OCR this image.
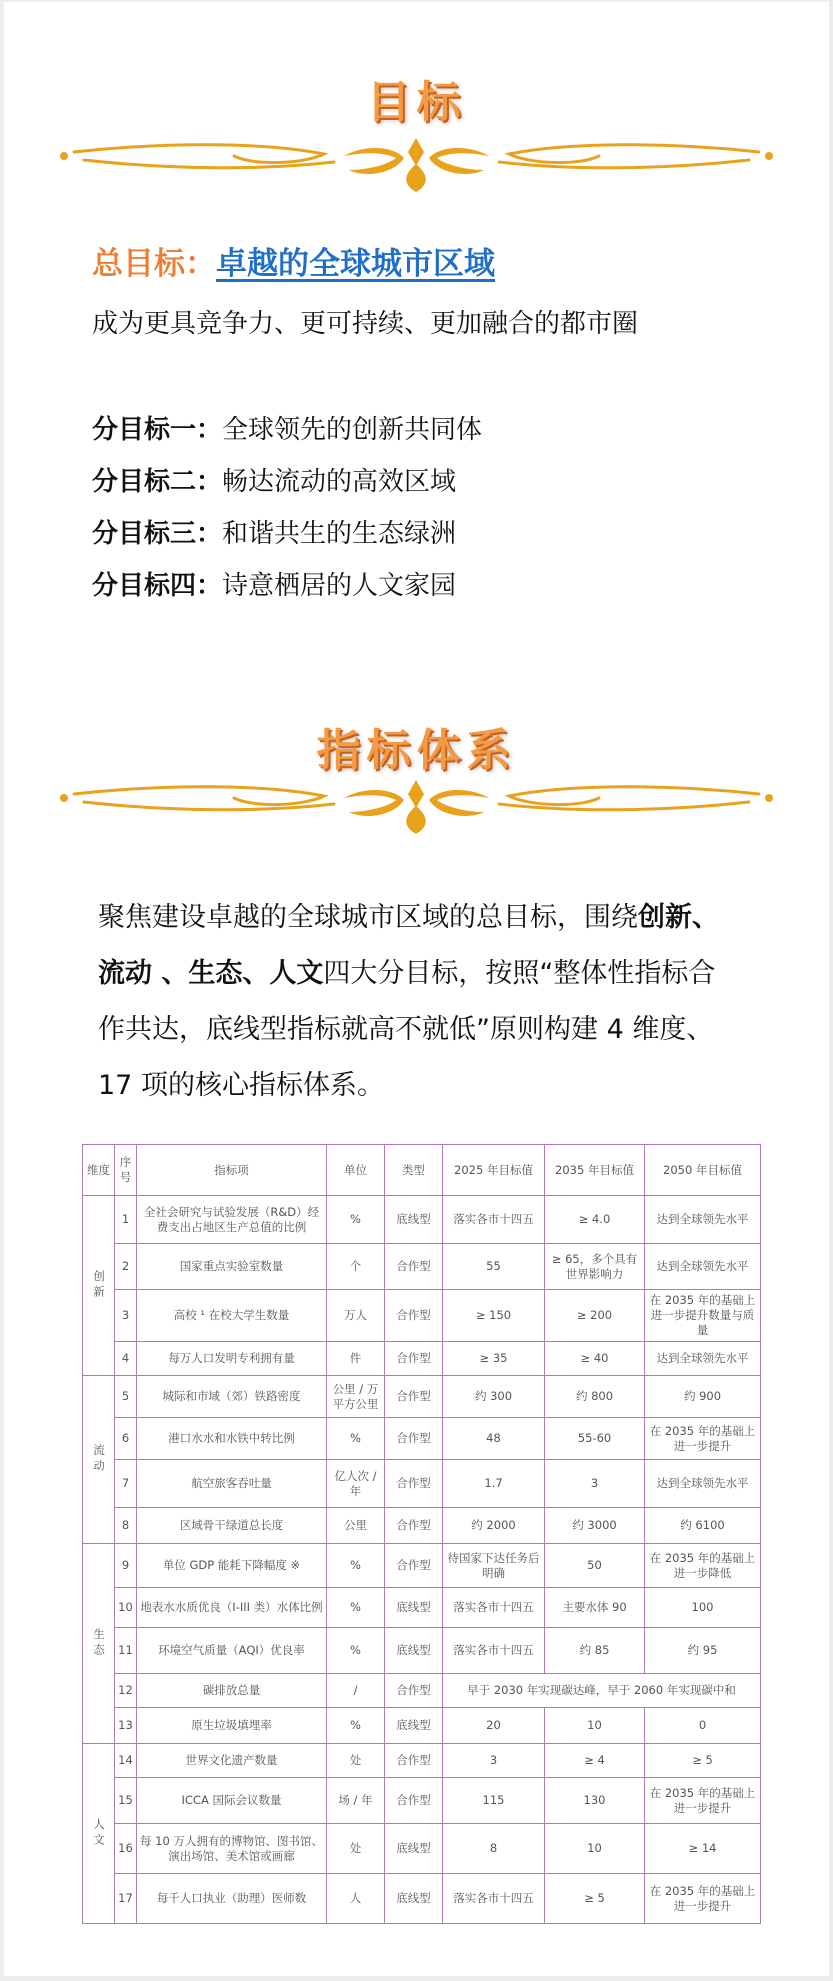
目标
总目标：卓越的全球城市区域
成为更具竞争力、更可持续、更加融合的都市圈
分目标一：全球领先的创新共同体
分目标二：畅达流动的高效区域
分目标三：和谐共生的生态绿洲
分目标四：诗意栖居的人文家园
指标体系
聚焦建设卓越的全球城市区域的总目标，围绕创新、流动 、生态、人文四大分目标，按照“整体性指标合作共达，底线型指标就高不就低”原则构建 4 维度、17 项的核心指标体系。
维度	序号	指标项	单位	类型	2025 年目标值	2035 年目标值	2050 年目标值
创新	1	全社会研究与试验发展（R&D）经费支出占地区生产总值的比例	%	底线型	落实各市十四五	≥ 4.0	达到全球领先水平
	2	国家重点实验室数量	个	合作型	55	≥ 65，多个具有世界影响力	达到全球领先水平
	3	高校 ¹ 在校大学生数量	万人	合作型	≥ 150	≥ 200	在 2035 年的基础上进一步提升数量与质量
	4	每万人口发明专利拥有量	件	合作型	≥ 35	≥ 40	达到全球领先水平
流动	5	城际和市域（郊）铁路密度	公里 / 万平方公里	合作型	约 300	约 800	约 900
	6	港口水水和水铁中转比例	%	合作型	48	55-60	在 2035 年的基础上进一步提升
	7	航空旅客吞吐量	亿人次 / 年	合作型	1.7	3	达到全球领先水平
	8	区域骨干绿道总长度	公里	合作型	约 2000	约 3000	约 6100
生态	9	单位 GDP 能耗下降幅度 ※	%	合作型	待国家下达任务后明确	50	在 2035 年的基础上进一步降低
	10	地表水水质优良（I-III 类）水体比例	%	底线型	落实各市十四五	主要水体 90	100
	11	环境空气质量（AQI）优良率	%	底线型	落实各市十四五	约 85	约 95
	12	碳排放总量	/	合作型	早于 2030 年实现碳达峰，早于 2060 年实现碳中和		
	13	原生垃圾填埋率	%	底线型	20	10	0
人文	14	世界文化遗产数量	处	合作型	3	≥ 4	≥ 5
	15	ICCA 国际会议数量	场 / 年	合作型	115	130	在 2035 年的基础上进一步提升
	16	每 10 万人拥有的博物馆、图书馆、演出场馆、美术馆或画廊	处	底线型	8	10	≥ 14
	17	每千人口执业（助理）医师数	人	底线型	落实各市十四五	≥ 5	在 2035 年的基础上进一步提升
